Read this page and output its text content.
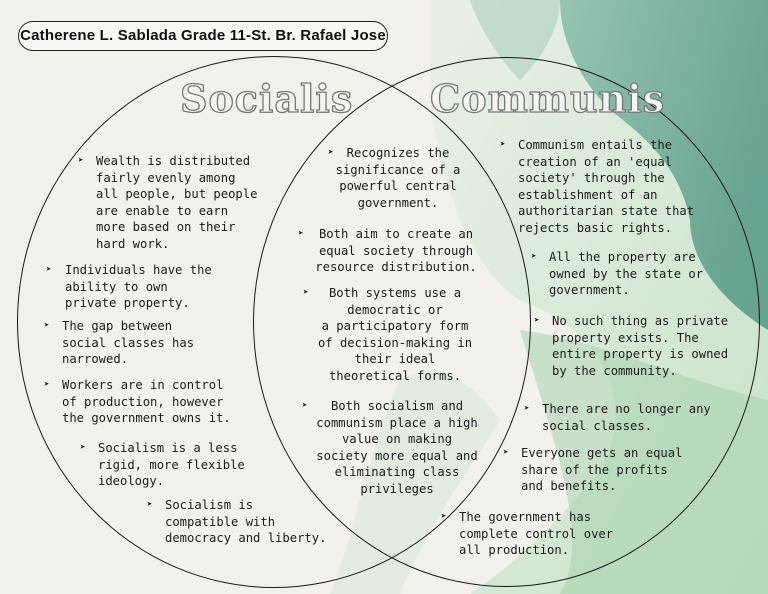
Catherene L. Sablada Grade 11-St. Br. Rafael Jose
Socialis Communis
➤ Wealth is distributed
fairly evenly among
all people, but people
are enable to earn
more based on their
hard work.
➤ Individuals have the
ability to own
private property.
➤ The gap between
social classes has
narrowed.
➤ Workers are in control
of production, however
the government owns it.
➤ Socialism is a less
rigid, more flexible
ideology.
➤ Socialism is
compatible with
democracy and liberty.
➤	Recognizes the
significance of a
powerful central
government.
➤	Both aim to create an
equal society through
resource distribution.
➤	Both systems use a
democratic or
a participatory form
of decision-making in
their ideal
theoretical forms.
➤	Both socialism and
communism place a high
value on making
society more equal and
eliminating class
privileges
➤ Communism entails the
creation of an 'equal
society' through the
establishment of an
authoritarian state that
rejects basic rights.
➤ All the property are
owned by the state or
government.
➤ No such thing as private
property exists. The
entire property is owned
by the community.
➤ There are no longer any
social classes.
➤ Everyone gets an equal
share of the profits
and benefits.
➤ The government has
complete control over
all production.
